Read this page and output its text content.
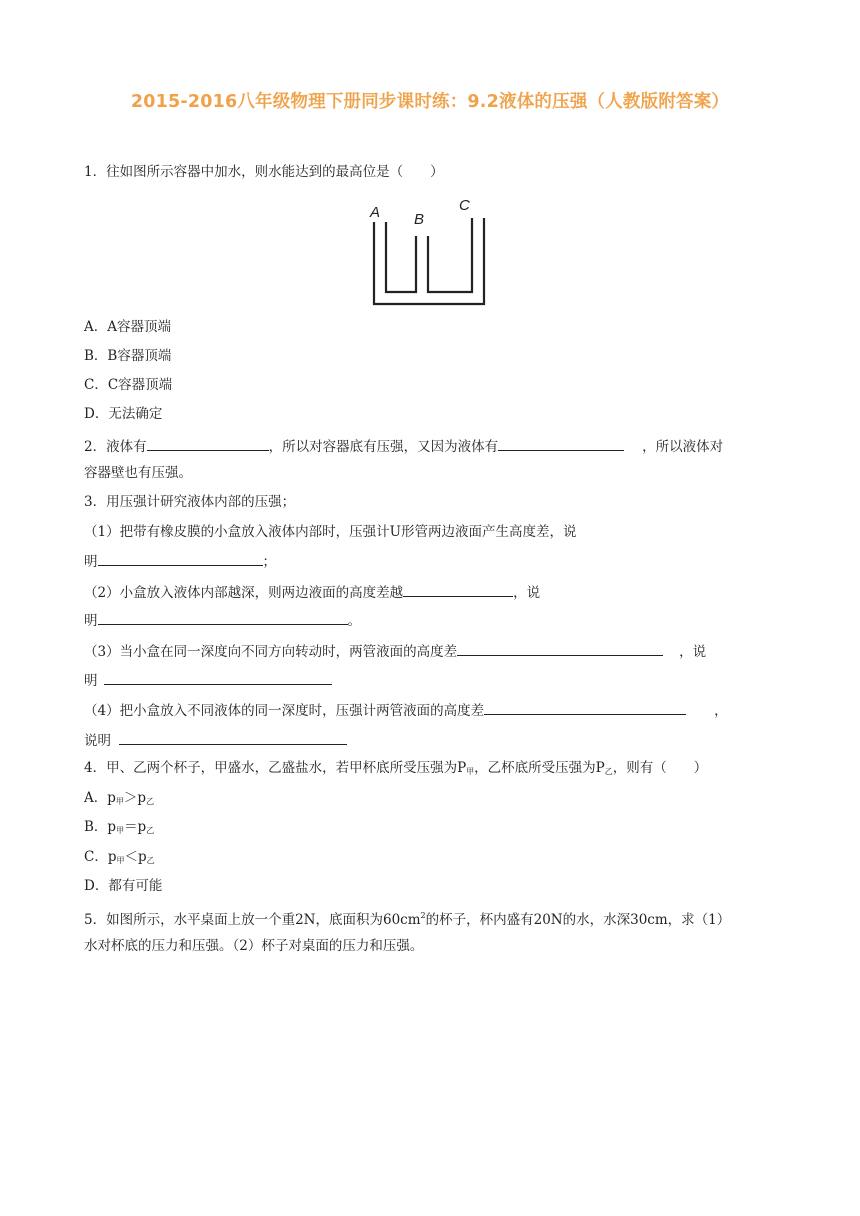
2015-2016八年级物理下册同步课时练：9.2液体的压强（人教版附答案）
1．往如图所示容器中加水，则水能达到的最高位是（　　）
A B
C
A．A容器顶端
B．B容器顶端
C．C容器顶端
D．无法确定
2．液体有	，所以对容器底有压强，又因为液体有	，所以液体对
容器壁也有压强。
3．用压强计研究液体内部的压强；
（1）把带有橡皮膜的小盒放入液体内部时，压强计U形管两边液面产生高度差，说
明	；
（2）小盒放入液体内部越深，则两边液面的高度差越	，说
明	。
（3）当小盒在同一深度向不同方向转动时，两管液面的高度差	，说
明
（4）把小盒放入不同液体的同一深度时，压强计两管液面的高度差	，
说明
4．甲、乙两个杯子，甲盛水，乙盛盐水，若甲杯底所受压强为$P_甲$，乙杯底所受压强为$P_乙$，则有（　　）
A．$p_甲>p_乙$
B．$p_甲=p_乙$
C．$p_甲<p_乙$
D．都有可能
5．如图所示，水平桌面上放一个重2N，底面积为$60cm^2$的杯子，杯内盛有20N的水，水深30cm，求（1）
水对杯底的压力和压强。（2）杯子对桌面的压力和压强。
